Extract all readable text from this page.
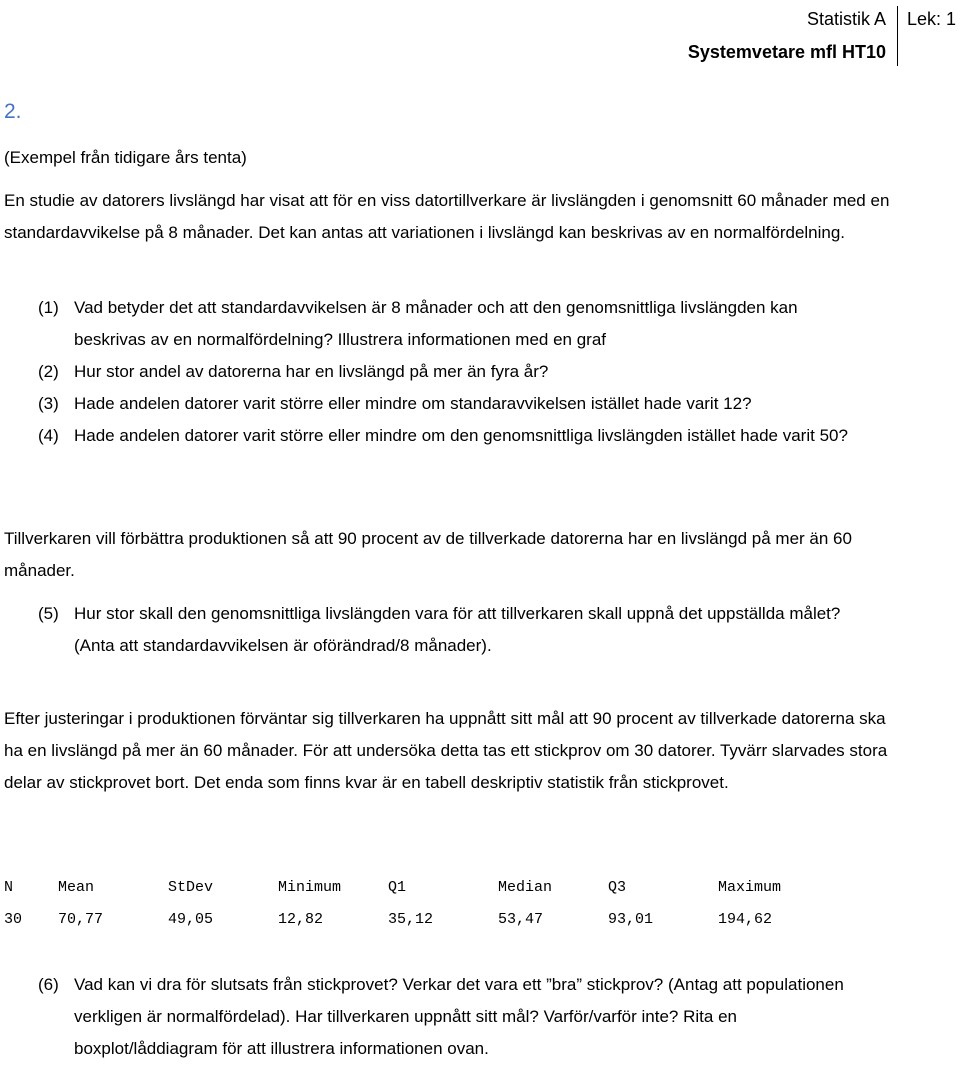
Statistik A Lek: 1
Systemvetare mfl HT10
2.

(Exempel från tidigare års tenta)

En studie av datorers livslängd har visat att för en viss datortillverkare är livslängden i genomsnitt 60 månader med en standardavvikelse på 8 månader. Det kan antas att variationen i livslängd kan beskrivas av en normalfördelning.

(1) Vad betyder det att standardavvikelsen är 8 månader och att den genomsnittliga livslängden kan beskrivas av en normalfördelning? Illustrera informationen med en graf
(2) Hur stor andel av datorerna har en livslängd på mer än fyra år?
(3) Hade andelen datorer varit större eller mindre om standaravvikelsen istället hade varit 12?
(4) Hade andelen datorer varit större eller mindre om den genomsnittliga livslängden istället hade varit 50?

Tillverkaren vill förbättra produktionen så att 90 procent av de tillverkade datorerna har en livslängd på mer än 60 månader.

(5) Hur stor skall den genomsnittliga livslängden vara för att tillverkaren skall uppnå det uppställda målet? (Anta att standardavvikelsen är oförändrad/8 månader).

Efter justeringar i produktionen förväntar sig tillverkaren ha uppnått sitt mål att 90 procent av tillverkade datorerna ska ha en livslängd på mer än 60 månader. För att undersöka detta tas ett stickprov om 30 datorer. Tyvärr slarvades stora delar av stickprovet bort. Det enda som finns kvar är en tabell deskriptiv statistik från stickprovet.

N	Mean	StDev	Minimum	Q1	Median	Q3	Maximum
30	70,77	49,05	12,82	35,12	53,47	93,01	194,62
(6) Vad kan vi dra för slutsats från stickprovet? Verkar det vara ett ”bra” stickprov? (Antag att populationen verkligen är normalfördelad). Har tillverkaren uppnått sitt mål? Varför/varför inte? Rita en boxplot/låddiagram för att illustrera informationen ovan.
